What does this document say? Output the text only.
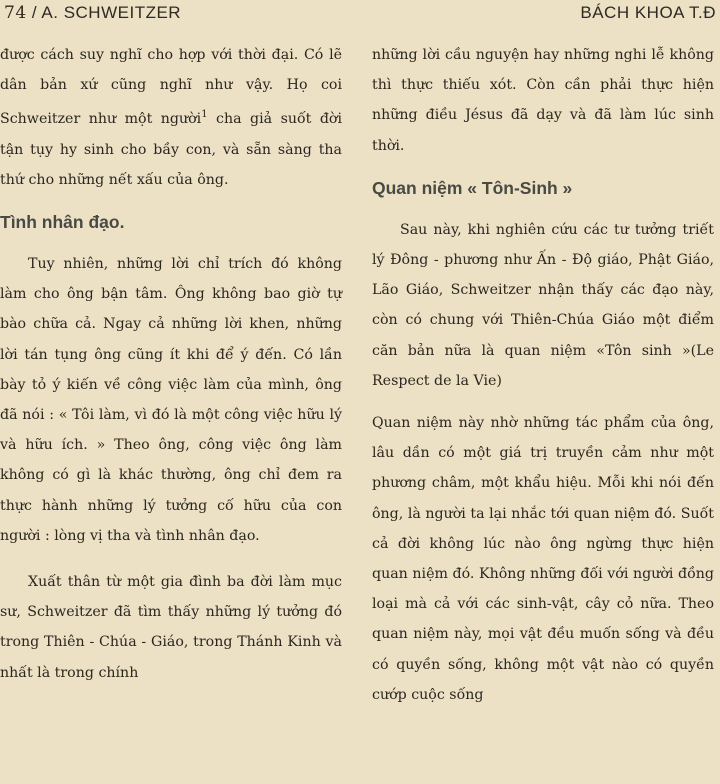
74 / A. SCHWEITZER	BÁCH KHOA T.Đ

được cách suy nghĩ cho hợp với thời đại. Có lẽ dân bản xứ cũng nghĩ như vậy. Họ coi Schweitzer như một người$^1$ cha giả suốt đời tận tụy hy sinh cho bầy con, và sẵn sàng tha thứ cho những nết xấu của ông.

Tình nhân đạo.

Tuy nhiên, những lời chỉ trích đó không làm cho ông bận tâm. Ông không bao giờ tự bào chữa cả. Ngay cả những lời khen, những lời tán tụng ông cũng ít khi để ý đến. Có lần bày tỏ ý kiến về công việc làm của mình, ông đã nói : « Tôi làm, vì đó là một công việc hữu lý và hữu ích. » Theo ông, công việc ông làm không có gì là khác thường, ông chỉ đem ra thực hành những lý tưởng cố hữu của con người : lòng vị tha và tình nhân đạo.

Xuất thân từ một gia đình ba đời làm mục sư, Schweitzer đã tìm thấy những lý tưởng đó trong Thiên - Chúa - Giáo, trong Thánh Kinh và nhất là trong chính

những lời cầu nguyện hay những nghi lễ không thì thực thiếu xót. Còn cần phải thực hiện những điều Jésus đã dạy và đã làm lúc sinh thời.

Quan niệm « Tôn-Sinh »

Sau này, khi nghiên cứu các tư tưởng triết lý Đông - phương như Ấn - Độ giáo, Phật Giáo, Lão Giáo, Schweitzer nhận thấy các đạo này, còn có chung với Thiên-Chúa Giáo một điểm căn bản nữa là quan niệm «Tôn sinh »(Le Respect de la Vie)

Quan niệm này nhờ những tác phẩm của ông, lâu dần có một giá trị truyền cảm như một phương châm, một khẩu hiệu. Mỗi khi nói đến ông, là người ta lại nhắc tới quan niệm đó. Suốt cả đời không lúc nào ông ngừng thực hiện quan niệm đó. Không những đối với người đồng loại mà cả với các sinh-vật, cây cỏ nữa. Theo quan niệm này, mọi vật đều muốn sống và đều có quyền sống, không một vật nào có quyền cướp cuộc sống
